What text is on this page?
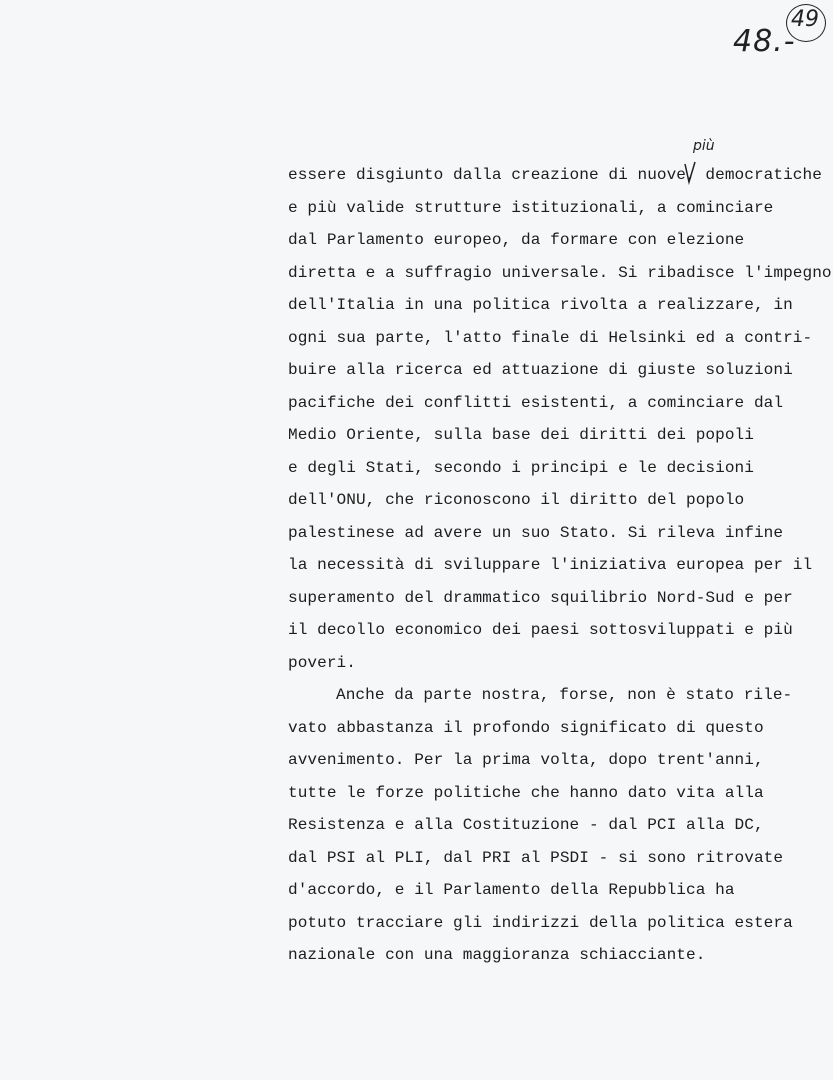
48.-
49
più
essere disgiunto dalla creazione di nuove, democratiche
e più valide strutture istituzionali, a cominciare
dal Parlamento europeo, da formare con elezione
diretta e a suffragio universale. Si ribadisce l'impegno
dell'Italia in una politica rivolta a realizzare, in
ogni sua parte, l'atto finale di Helsinki ed a contri-
buire alla ricerca ed attuazione di giuste soluzioni
pacifiche dei conflitti esistenti, a cominciare dal
Medio Oriente, sulla base dei diritti dei popoli
e degli Stati, secondo i principi e le decisioni
dell'ONU, che riconoscono il diritto del popolo
palestinese ad avere un suo Stato. Si rileva infine
la necessità di sviluppare l'iniziativa europea per il
superamento del drammatico squilibrio Nord-Sud e per
il decollo economico dei paesi sottosviluppati e più
poveri.
Anche da parte nostra, forse, non è stato rile-
vato abbastanza il profondo significato di questo
avvenimento. Per la prima volta, dopo trent'anni,
tutte le forze politiche che hanno dato vita alla
Resistenza e alla Costituzione - dal PCI alla DC,
dal PSI al PLI, dal PRI al PSDI - si sono ritrovate
d'accordo, e il Parlamento della Repubblica ha
potuto tracciare gli indirizzi della politica estera
nazionale con una maggioranza schiacciante.
